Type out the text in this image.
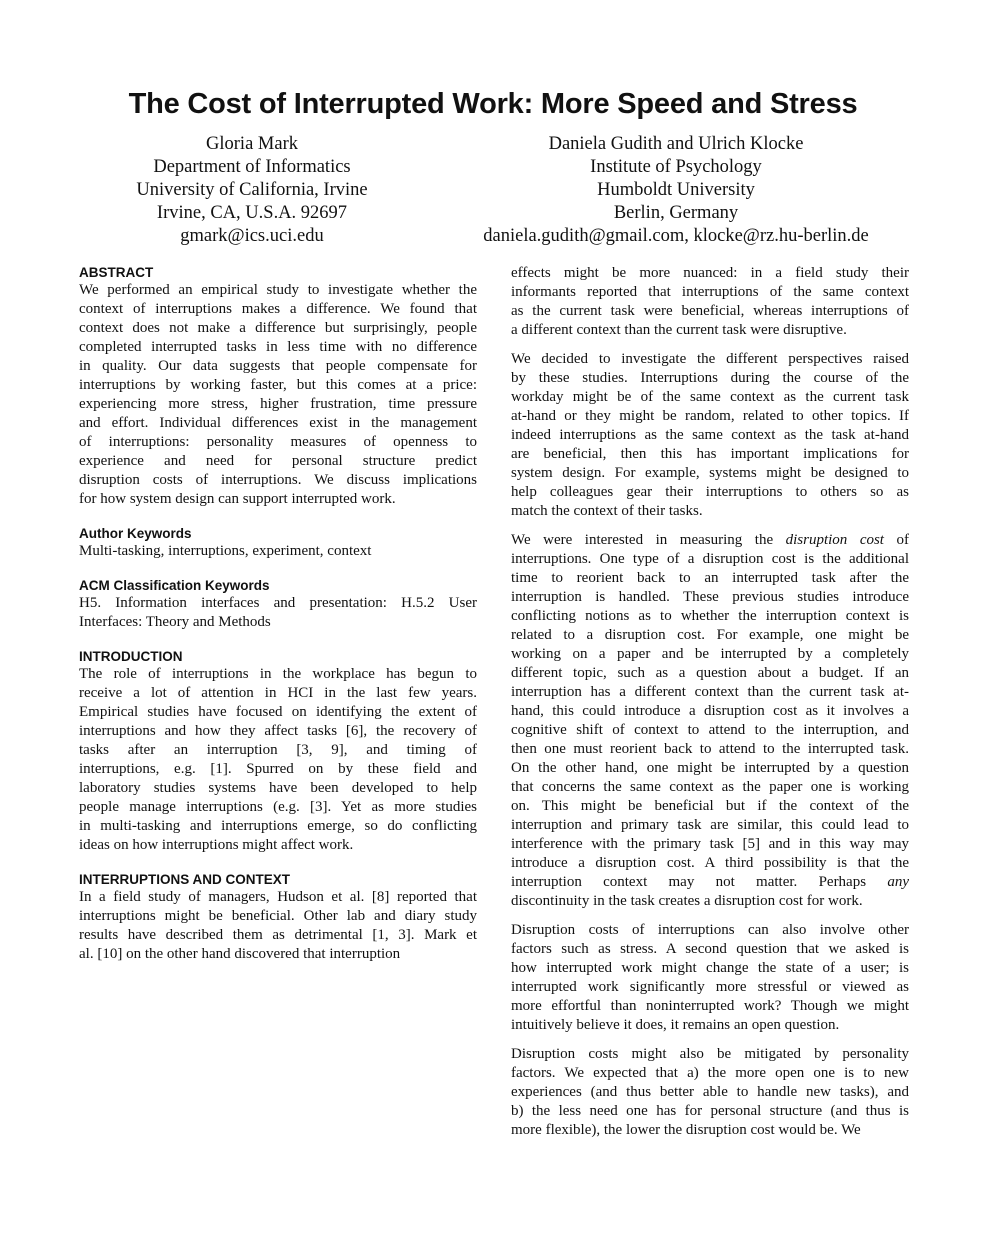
The Cost of Interrupted Work: More Speed and Stress
Gloria Mark
Department of Informatics
University of California, Irvine
Irvine, CA, U.S.A. 92697
gmark@ics.uci.edu
Daniela Gudith and Ulrich Klocke
Institute of Psychology
Humboldt University
Berlin, Germany
daniela.gudith@gmail.com, klocke@rz.hu-berlin.de
ABSTRACT
We performed an empirical study to investigate whether the
context of interruptions makes a difference. We found that
context does not make a difference but surprisingly, people
completed interrupted tasks in less time with no difference
in quality. Our data suggests that people compensate for
interruptions by working faster, but this comes at a price:
experiencing more stress, higher frustration, time pressure
and effort. Individual differences exist in the management
of interruptions: personality measures of openness to
experience and need for personal structure predict
disruption costs of interruptions. We discuss implications
for how system design can support interrupted work.
Author Keywords
Multi-tasking, interruptions, experiment, context
ACM Classification Keywords
H5. Information interfaces and presentation: H.5.2 User
Interfaces: Theory and Methods
INTRODUCTION
The role of interruptions in the workplace has begun to
receive a lot of attention in HCI in the last few years.
Empirical studies have focused on identifying the extent of
interruptions and how they affect tasks [6], the recovery of
tasks after an interruption [3, 9], and timing of
interruptions, e.g. [1]. Spurred on by these field and
laboratory studies systems have been developed to help
people manage interruptions (e.g. [3]. Yet as more studies
in multi-tasking and interruptions emerge, so do conflicting
ideas on how interruptions might affect work.
INTERRUPTIONS AND CONTEXT
In a field study of managers, Hudson et al. [8] reported that
interruptions might be beneficial. Other lab and diary study
results have described them as detrimental [1, 3]. Mark et
al. [10] on the other hand discovered that interruption
effects might be more nuanced: in a field study their
informants reported that interruptions of the same context
as the current task were beneficial, whereas interruptions of
a different context than the current task were disruptive.
We decided to investigate the different perspectives raised
by these studies. Interruptions during the course of the
workday might be of the same context as the current task
at-hand or they might be random, related to other topics. If
indeed interruptions as the same context as the task at-hand
are beneficial, then this has important implications for
system design. For example, systems might be designed to
help colleagues gear their interruptions to others so as
match the context of their tasks.
We were interested in measuring the disruption cost of
interruptions. One type of a disruption cost is the additional
time to reorient back to an interrupted task after the
interruption is handled. These previous studies introduce
conflicting notions as to whether the interruption context is
related to a disruption cost. For example, one might be
working on a paper and be interrupted by a completely
different topic, such as a question about a budget. If an
interruption has a different context than the current task at-
hand, this could introduce a disruption cost as it involves a
cognitive shift of context to attend to the interruption, and
then one must reorient back to attend to the interrupted task.
On the other hand, one might be interrupted by a question
that concerns the same context as the paper one is working
on. This might be beneficial but if the context of the
interruption and primary task are similar, this could lead to
interference with the primary task [5] and in this way may
introduce a disruption cost. A third possibility is that the
interruption context may not matter. Perhaps any
discontinuity in the task creates a disruption cost for work.
Disruption costs of interruptions can also involve other
factors such as stress. A second question that we asked is
how interrupted work might change the state of a user; is
interrupted work significantly more stressful or viewed as
more effortful than noninterrupted work? Though we might
intuitively believe it does, it remains an open question.
Disruption costs might also be mitigated by personality
factors. We expected that a) the more open one is to new
experiences (and thus better able to handle new tasks), and
b) the less need one has for personal structure (and thus is
more flexible), the lower the disruption cost would be. We
